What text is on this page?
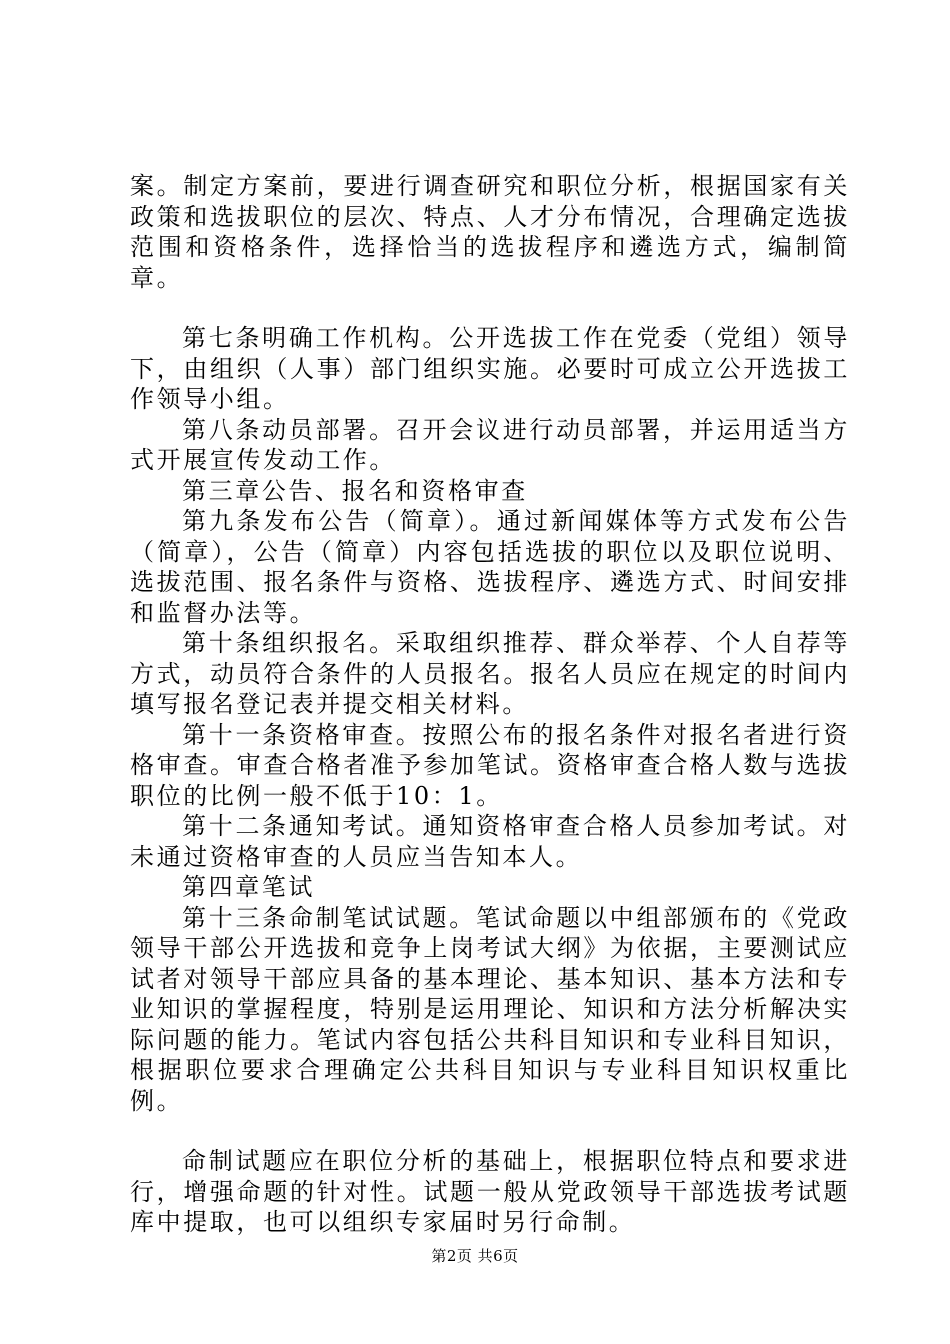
案。制定方案前，要进行调查研究和职位分析，根据国家有关政策和选拔职位的层次、特点、人才分布情况，合理确定选拔范围和资格条件，选择恰当的选拔程序和遴选方式，编制简章。

第七条明确工作机构。公开选拔工作在党委（党组）领导下，由组织（人事）部门组织实施。必要时可成立公开选拔工作领导小组。

第八条动员部署。召开会议进行动员部署，并运用适当方式开展宣传发动工作。

第三章公告、报名和资格审查

第九条发布公告（简章）。通过新闻媒体等方式发布公告（简章），公告（简章）内容包括选拔的职位以及职位说明、选拔范围、报名条件与资格、选拔程序、遴选方式、时间安排和监督办法等。

第十条组织报名。采取组织推荐、群众举荐、个人自荐等方式，动员符合条件的人员报名。报名人员应在规定的时间内填写报名登记表并提交相关材料。

第十一条资格审查。按照公布的报名条件对报名者进行资格审查。审查合格者准予参加笔试。资格审查合格人数与选拔职位的比例一般不低于10：1。

第十二条通知考试。通知资格审查合格人员参加考试。对未通过资格审查的人员应当告知本人。

第四章笔试

第十三条命制笔试试题。笔试命题以中组部颁布的《党政领导干部公开选拔和竞争上岗考试大纲》为依据，主要测试应试者对领导干部应具备的基本理论、基本知识、基本方法和专业知识的掌握程度，特别是运用理论、知识和方法分析解决实际问题的能力。笔试内容包括公共科目知识和专业科目知识，根据职位要求合理确定公共科目知识与专业科目知识权重比例。

命制试题应在职位分析的基础上，根据职位特点和要求进行，增强命题的针对性。试题一般从党政领导干部选拔考试题库中提取，也可以组织专家届时另行命制。

第2页 共6页
